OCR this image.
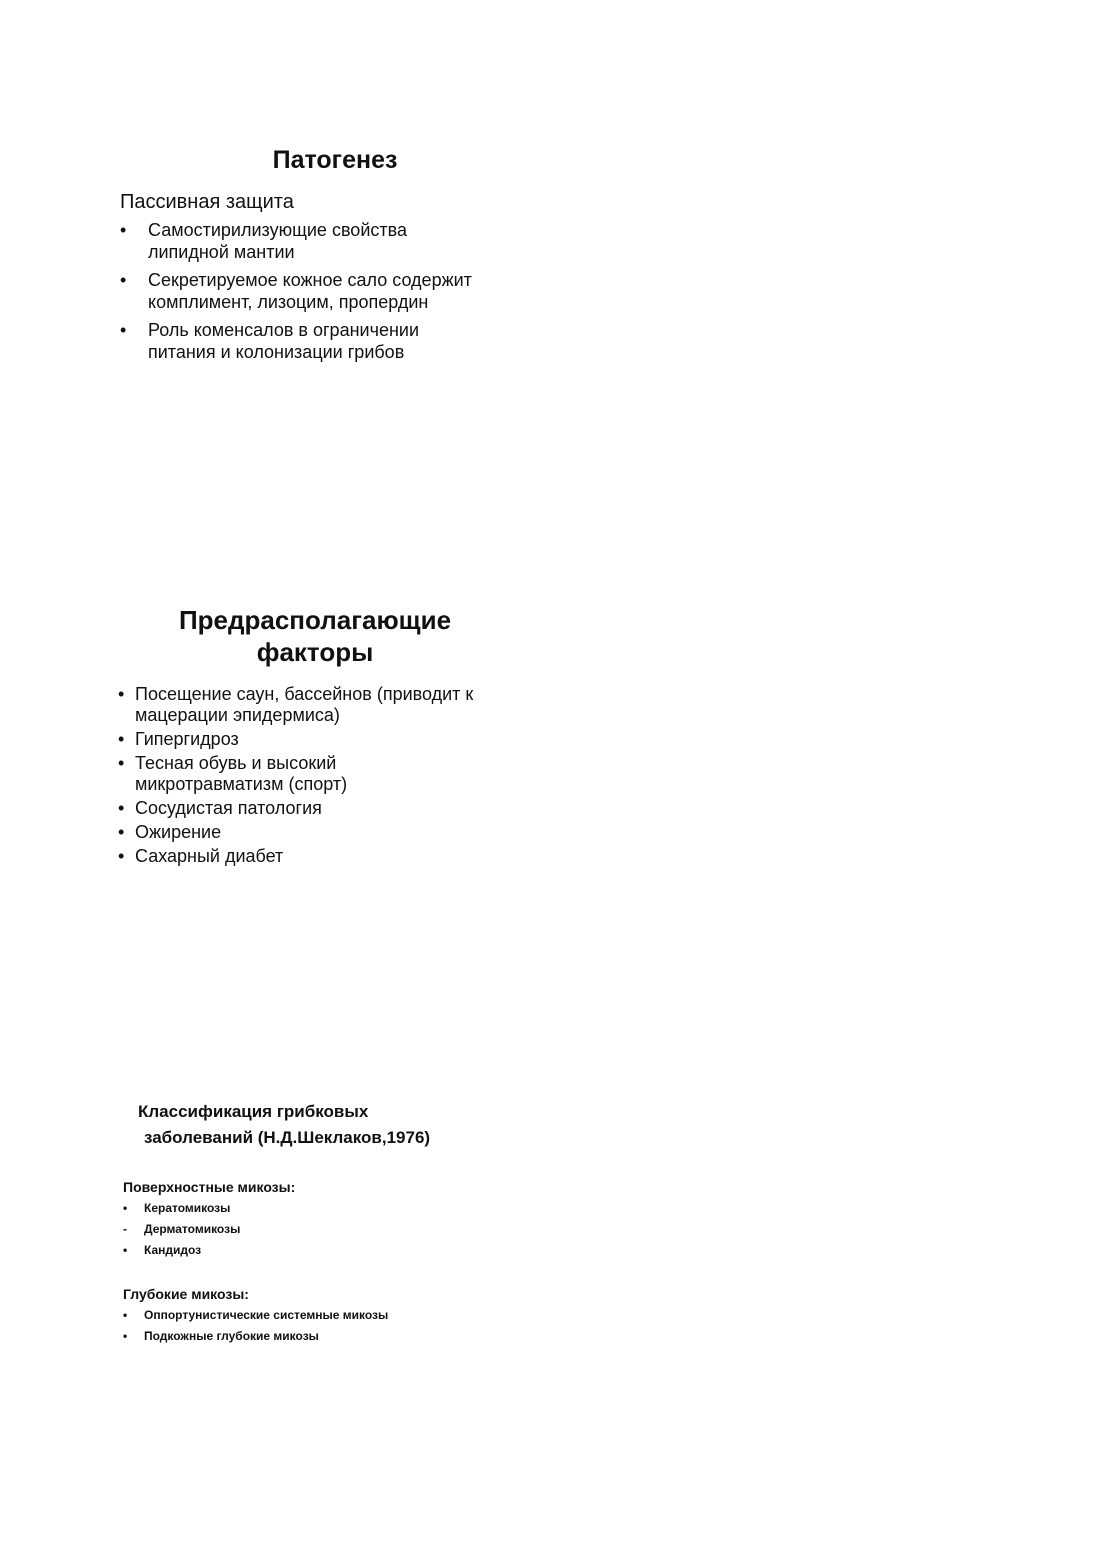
Патогенез

Пассивная защита

• Самостирилизующие свойства
липидной мантии
• Секретируемое кожное сало содержит
комплимент, лизоцим, пропердин
• Роль коменсалов в ограничении
питания и колонизации грибов
Предрасполагающие
факторы
• Посещение саун, бассейнов (приводит к
мацерации эпидермиса)
• Гипергидроз
• Тесная обувь и высокий
микротравматизм (спорт)
• Сосудистая патология
• Ожирение
• Сахарный диабет
Классификация грибковых
заболеваний (Н.Д.Шеклаков,1976)

Поверхностные микозы:

• Кератомикозы
- Дерматомикозы
• Кандидоз

Глубокие микозы:

• Оппортунистические системные микозы
• Подкожные глубокие микозы
